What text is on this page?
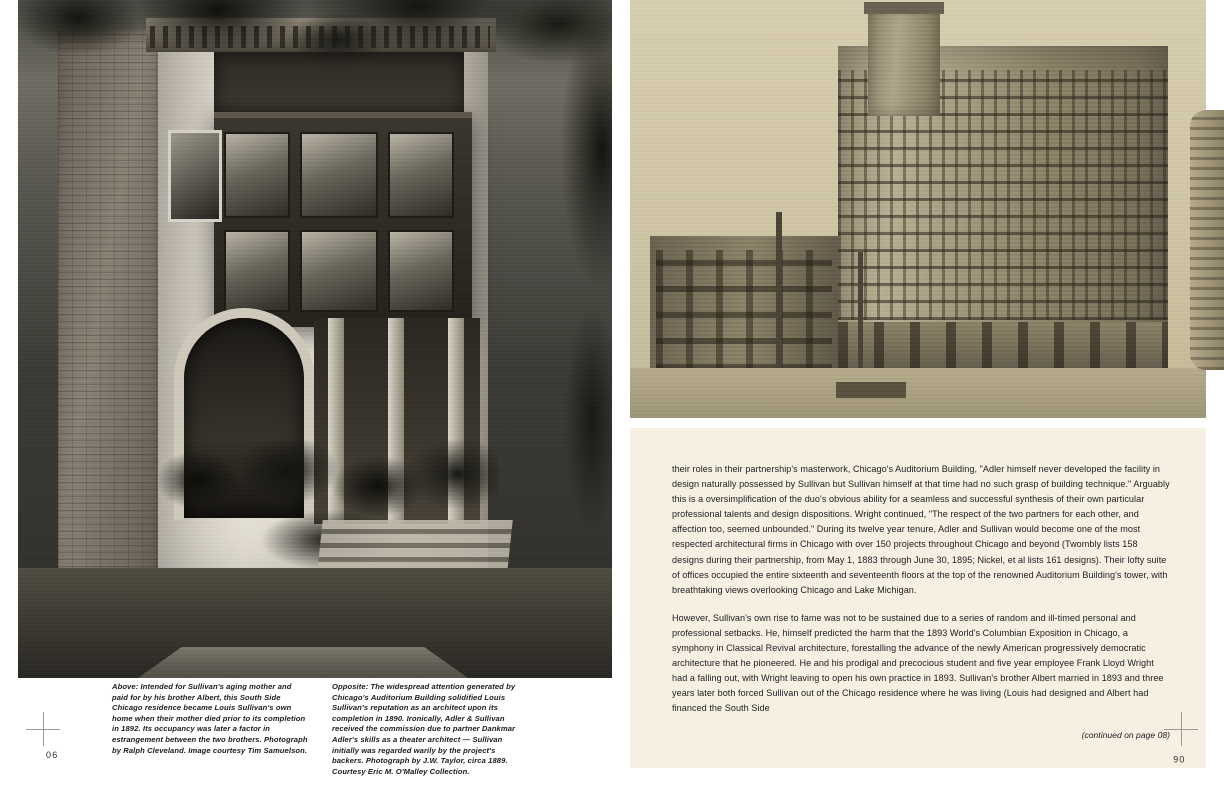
Above: Intended for Sullivan's aging mother and paid for by his brother Albert, this South Side Chicago residence became Louis Sullivan's own home when their mother died prior to its completion in 1892. Its occupancy was later a factor in estrangement between the two brothers. Photograph by Ralph Cleveland. Image courtesy Tim Samuelson.
Opposite: The widespread attention generated by Chicago's Auditorium Building solidified Louis Sullivan's reputation as an architect upon its completion in 1890. Ironically, Adler & Sullivan received the commission due to partner Dankmar Adler's skills as a theater architect — Sullivan initially was regarded warily by the project's backers. Photograph by J.W. Taylor, circa 1889. Courtesy Eric M. O'Malley Collection.
06

their roles in their partnership's masterwork, Chicago's Auditorium Building, "Adler himself never developed the facility in design naturally possessed by Sullivan but Sullivan himself at that time had no such grasp of building technique." Arguably this is a oversimplification of the duo's obvious ability for a seamless and successful synthesis of their own particular professional talents and design dispositions. Wright continued, "The respect of the two partners for each other, and affection too, seemed unbounded." During its twelve year tenure, Adler and Sullivan would become one of the most respected architectural firms in Chicago with over 150 projects throughout Chicago and beyond (Twombly lists 158 designs during their partnership, from May 1, 1883 through June 30, 1895; Nickel, et al lists 161 designs). Their lofty suite of offices occupied the entire sixteenth and seventeenth floors at the top of the renowned Auditorium Building's tower, with breathtaking views overlooking Chicago and Lake Michigan.

However, Sullivan's own rise to fame was not to be sustained due to a series of random and ill-timed personal and professional setbacks. He, himself predicted the harm that the 1893 World's Columbian Exposition in Chicago, a symphony in Classical Revival architecture, forestalling the advance of the newly American progressively democratic architecture that he pioneered. He and his prodigal and precocious student and five year employee Frank Lloyd Wright had a falling out, with Wright leaving to open his own practice in 1893. Sullivan's brother Albert married in 1893 and three years later both forced Sullivan out of the Chicago residence where he was living (Louis had designed and Albert had financed the South Side

(continued on page 08)
06
